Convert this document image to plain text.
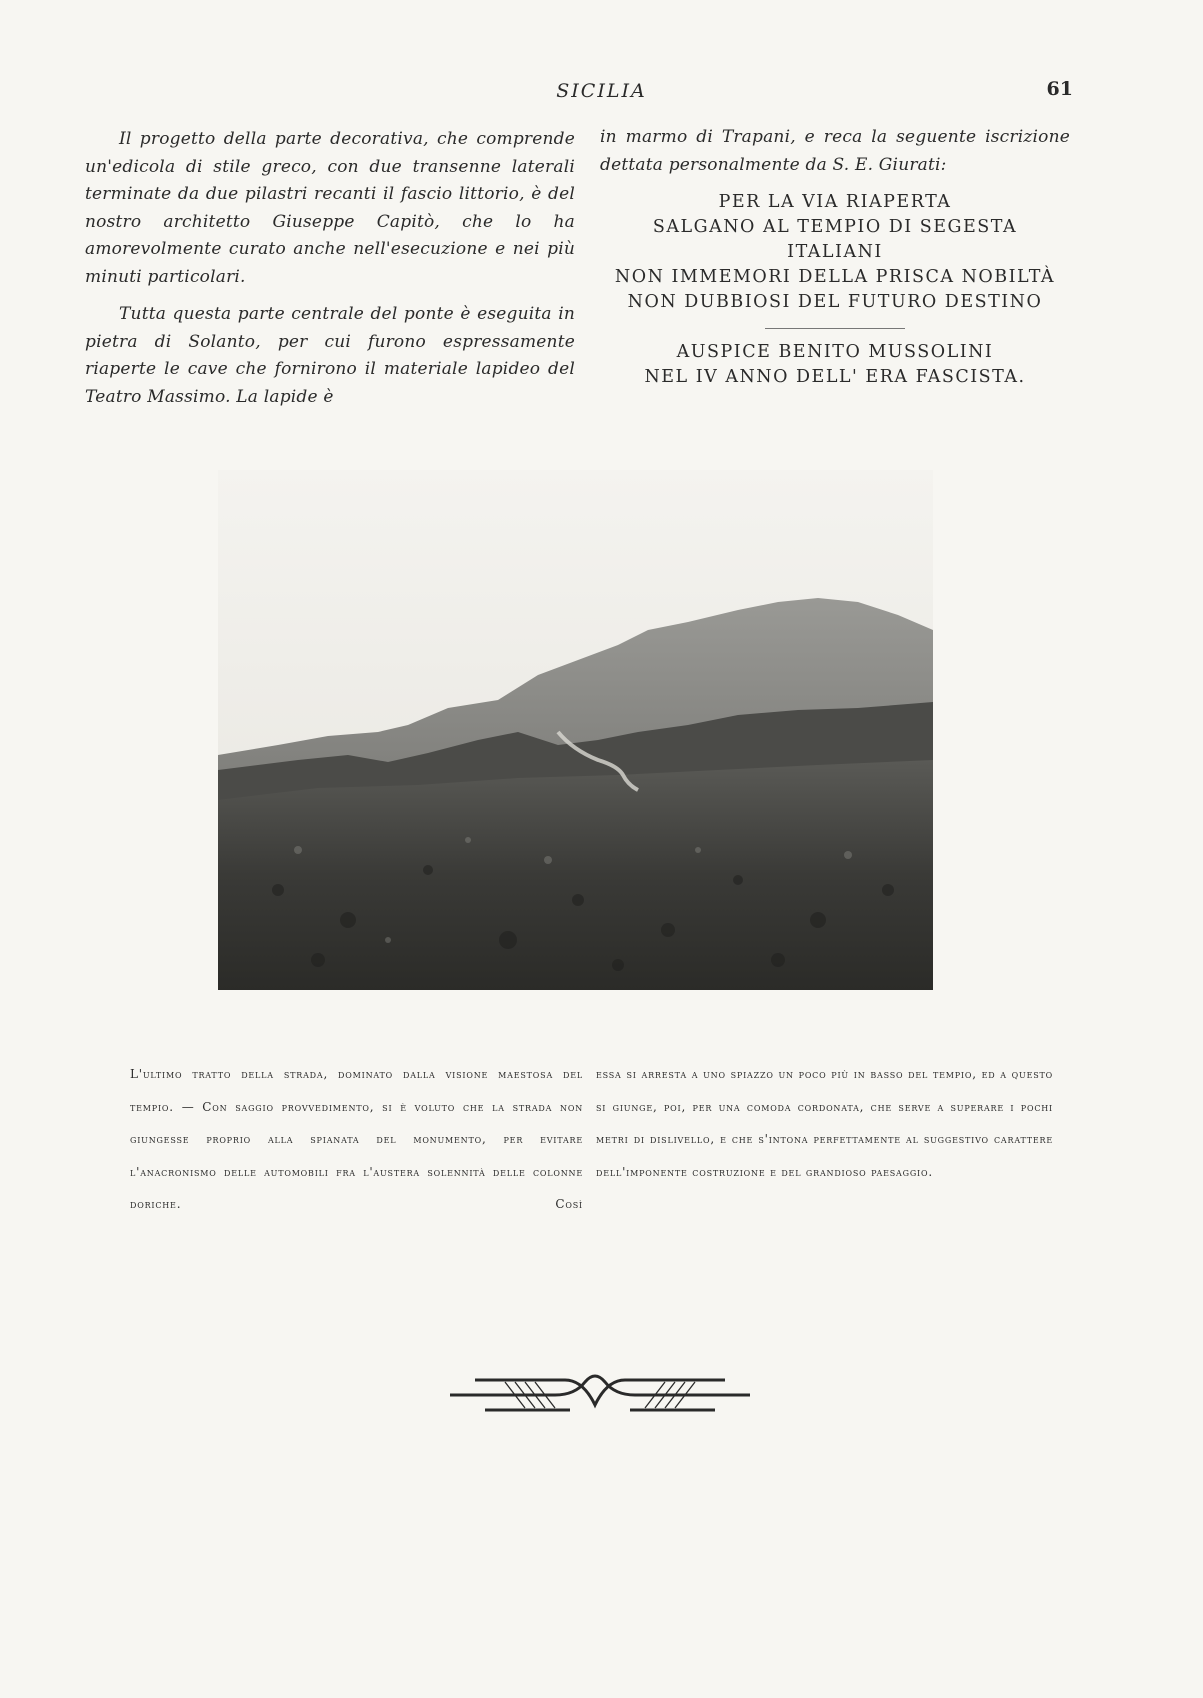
SICILIA	61

Il progetto della parte decorativa, che comprende un'edicola di stile greco, con due transenne laterali terminate da due pilastri recanti il fascio littorio, è del nostro architetto Giuseppe Capitò, che lo ha amorevolmente curato anche nell'esecuzione e nei più minuti particolari.

Tutta questa parte centrale del ponte è eseguita in pietra di Solanto, per cui furono espressamente riaperte le cave che fornirono il materiale lapideo del Teatro Massimo. La lapide è

in marmo di Trapani, e reca la seguente iscrizione dettata personalmente da S. E. Giurati:
PER LA VIA RIAPERTA
SALGANO AL TEMPIO DI SEGESTA
ITALIANI
NON IMMEMORI DELLA PRISCA NOBILTÀ
NON DUBBIOSI DEL FUTURO DESTINO
AUSPICE BENITO MUSSOLINI
NEL IV ANNO DELL' ERA FASCISTA.
L'ultimo tratto della strada, dominato dalla visione maestosa del tempio. — Con saggio provvedimento, si è voluto che la strada non giungesse proprio alla spianata del monumento, per evitare l'anacronismo delle automobili fra l'austera solennità delle colonne doriche. Così
essa si arresta a uno spiazzo un poco più in basso del tempio, ed a questo si giunge, poi, per una comoda cordonata, che serve a superare i pochi metri di dislivello, e che s'intona perfettamente al suggestivo carattere dell'imponente costruzione e del grandioso paesaggio.
